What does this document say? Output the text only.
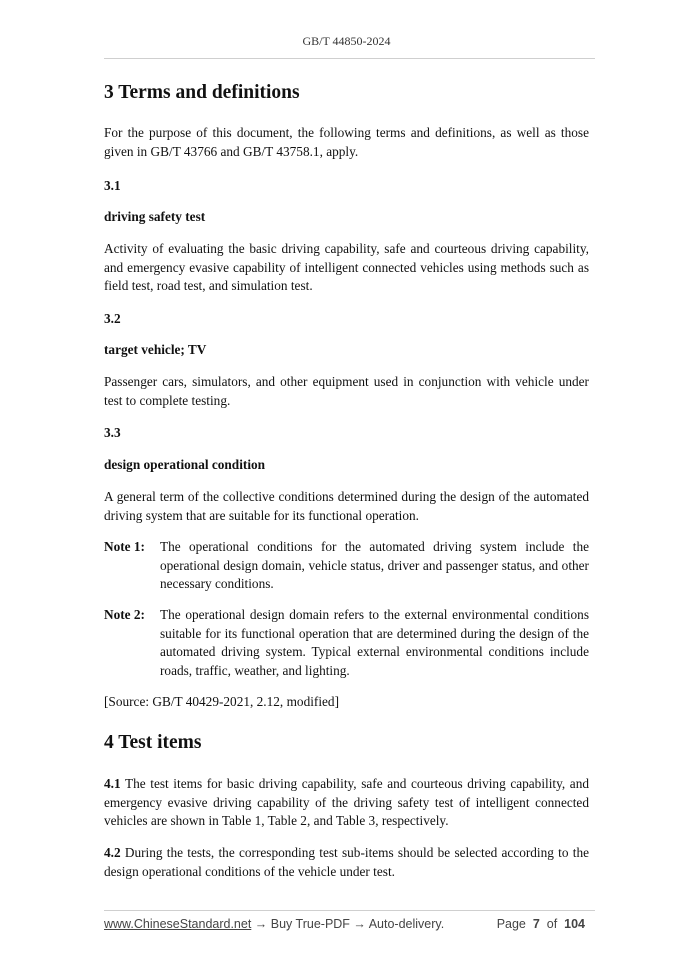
GB/T 44850-2024
3 Terms and definitions
For the purpose of this document, the following terms and definitions, as well as those given in GB/T 43766 and GB/T 43758.1, apply.
3.1
driving safety test
Activity of evaluating the basic driving capability, safe and courteous driving capability, and emergency evasive capability of intelligent connected vehicles using methods such as field test, road test, and simulation test.
3.2
target vehicle; TV
Passenger cars, simulators, and other equipment used in conjunction with vehicle under test to complete testing.
3.3
design operational condition
A general term of the collective conditions determined during the design of the automated driving system that are suitable for its functional operation.
Note 1: The operational conditions for the automated driving system include the operational design domain, vehicle status, driver and passenger status, and other necessary conditions.
Note 2: The operational design domain refers to the external environmental conditions suitable for its functional operation that are determined during the design of the automated driving system. Typical external environmental conditions include roads, traffic, weather, and lighting.
[Source: GB/T 40429-2021, 2.12, modified]
4 Test items
4.1 The test items for basic driving capability, safe and courteous driving capability, and emergency evasive driving capability of the driving safety test of intelligent connected vehicles are shown in Table 1, Table 2, and Table 3, respectively.
4.2 During the tests, the corresponding test sub-items should be selected according to the design operational conditions of the vehicle under test.
www.ChineseStandard.net → Buy True-PDF → Auto-delivery.	Page 7 of 104
